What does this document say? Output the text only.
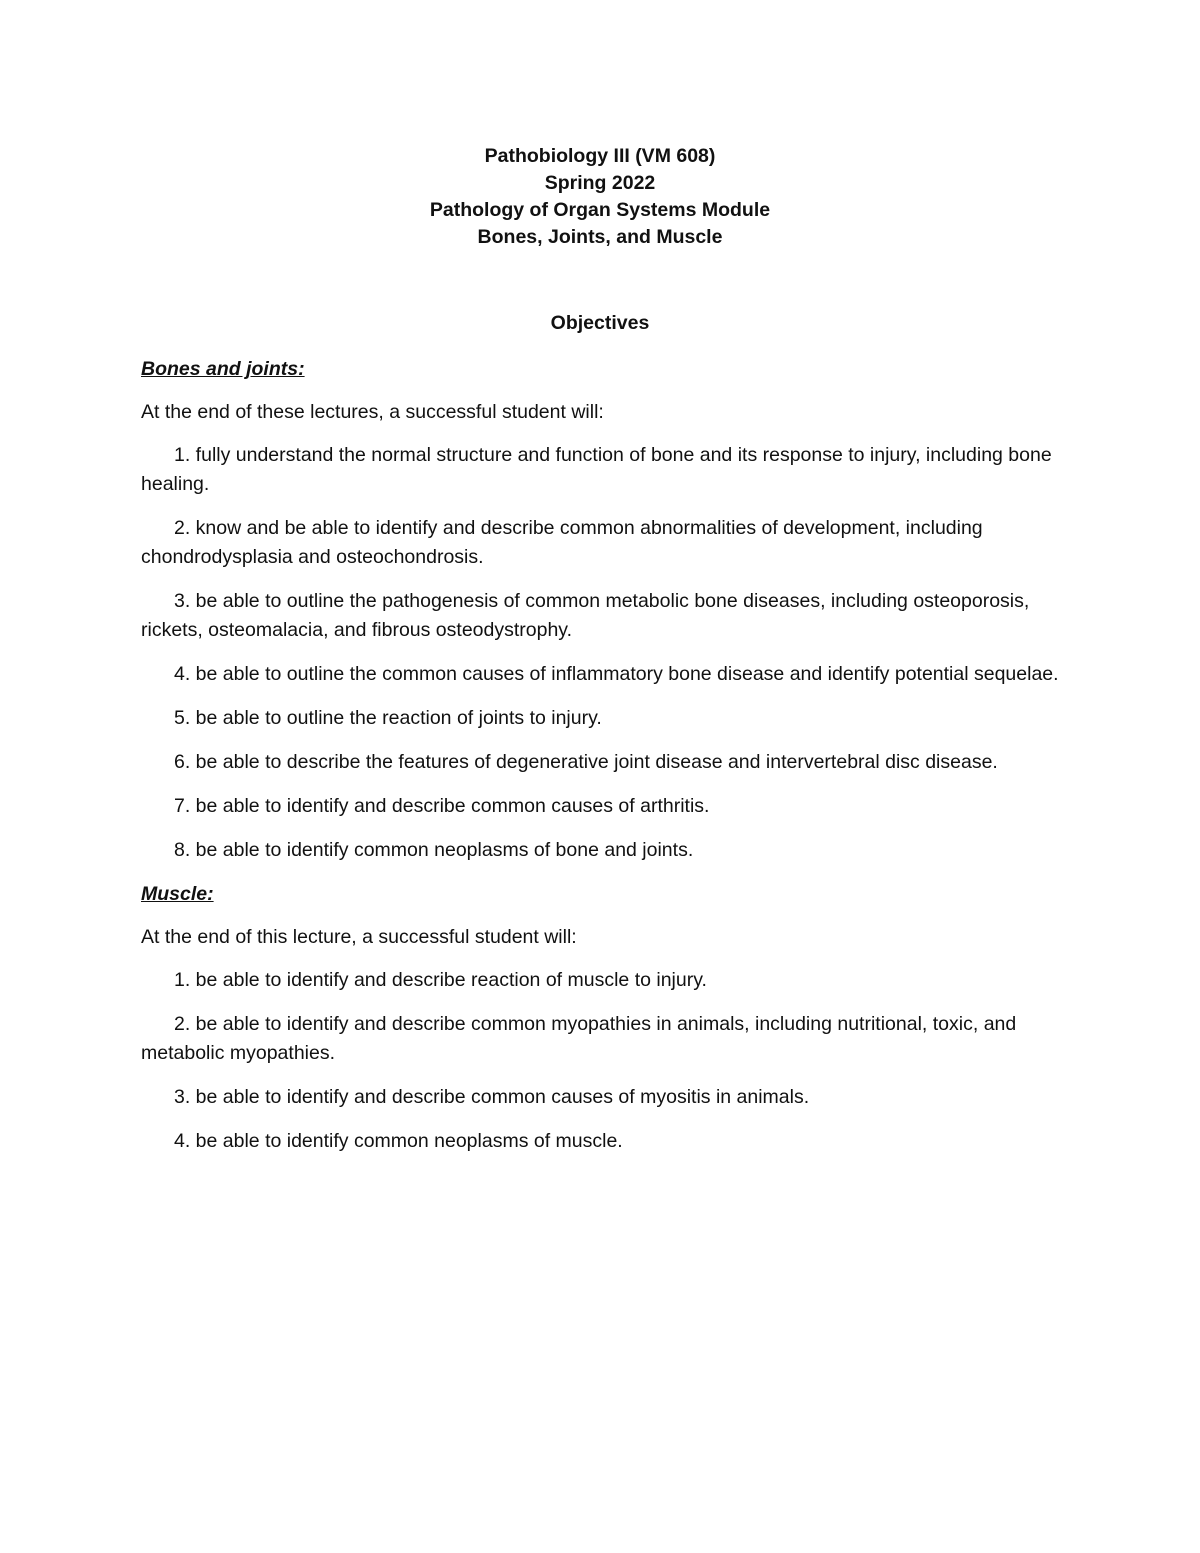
Pathobiology III (VM 608)
Spring 2022
Pathology of Organ Systems Module
Bones, Joints, and Muscle
Objectives
Bones and joints:
At the end of these lectures, a successful student will:
1. fully understand the normal structure and function of bone and its response to injury, including bone healing.
2. know and be able to identify and describe common abnormalities of development, including chondrodysplasia and osteochondrosis.
3. be able to outline the pathogenesis of common metabolic bone diseases, including osteoporosis, rickets, osteomalacia, and fibrous osteodystrophy.
4. be able to outline the common causes of inflammatory bone disease and identify potential sequelae.
5. be able to outline the reaction of joints to injury.
6. be able to describe the features of degenerative joint disease and intervertebral disc disease.
7. be able to identify and describe common causes of arthritis.
8. be able to identify common neoplasms of bone and joints.
Muscle:
At the end of this lecture, a successful student will:
1. be able to identify and describe reaction of muscle to injury.
2. be able to identify and describe common myopathies in animals, including nutritional, toxic, and metabolic myopathies.
3. be able to identify and describe common causes of myositis in animals.
4. be able to identify common neoplasms of muscle.
